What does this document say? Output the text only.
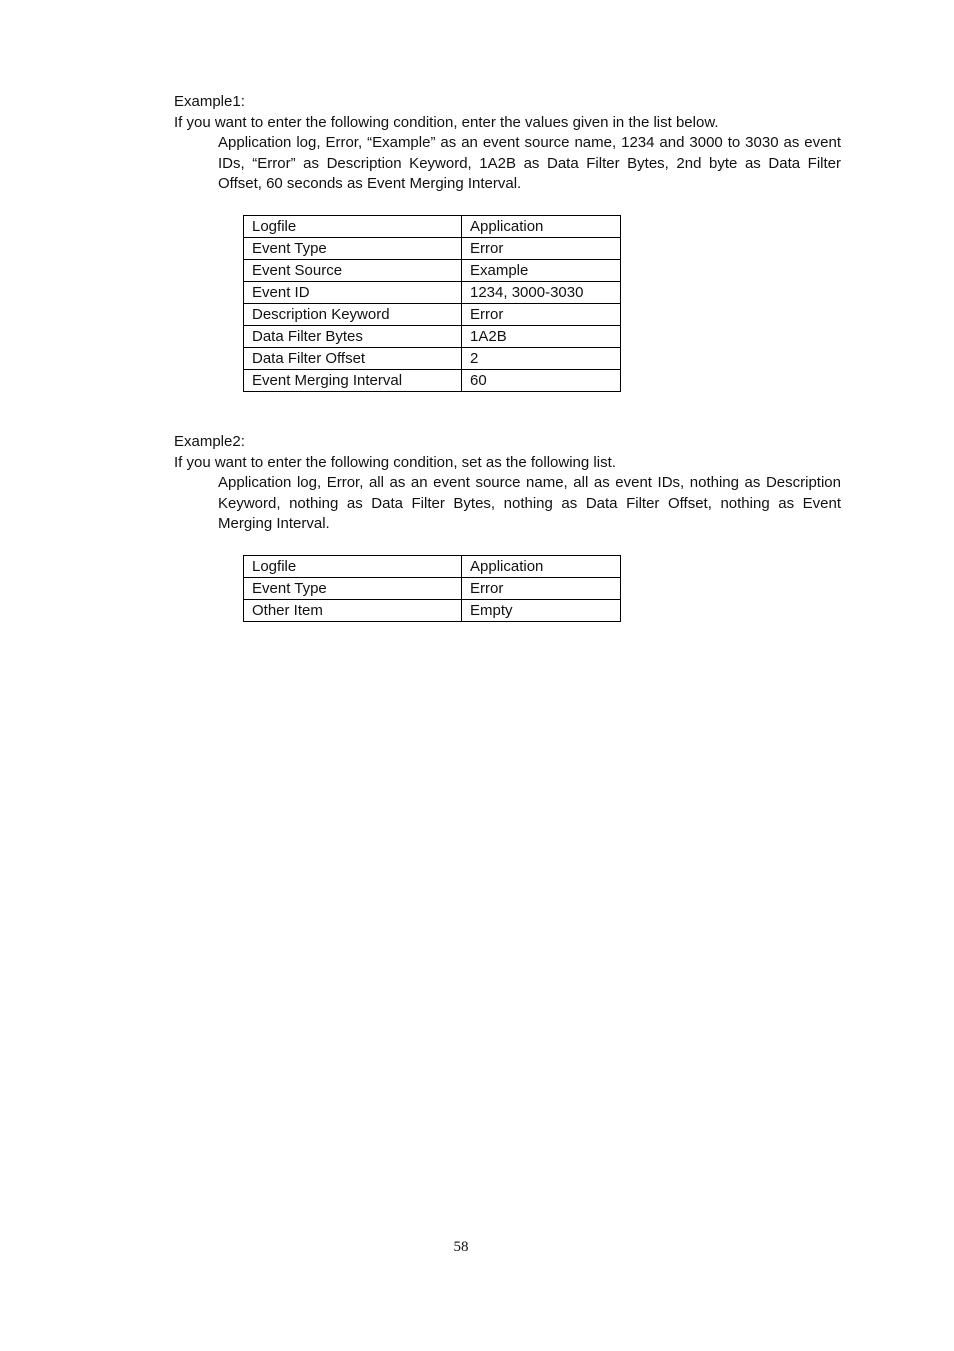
Example1:
If you want to enter the following condition, enter the values given in the list below.
Application log, Error, “Example” as an event source name, 1234 and 3000 to 3030 as event IDs, “Error” as Description Keyword, 1A2B as Data Filter Bytes, 2nd byte as Data Filter Offset, 60 seconds as Event Merging Interval.
Logfile	Application
Event Type	Error
Event Source	Example
Event ID	1234, 3000-3030
Description Keyword	Error
Data Filter Bytes	1A2B
Data Filter Offset	2
Event Merging Interval	60
Example2:
If you want to enter the following condition, set as the following list.
Application log, Error, all as an event source name, all as event IDs, nothing as Description Keyword, nothing as Data Filter Bytes, nothing as Data Filter Offset, nothing as Event Merging Interval.
Logfile	Application
Event Type	Error
Other Item	Empty
58
